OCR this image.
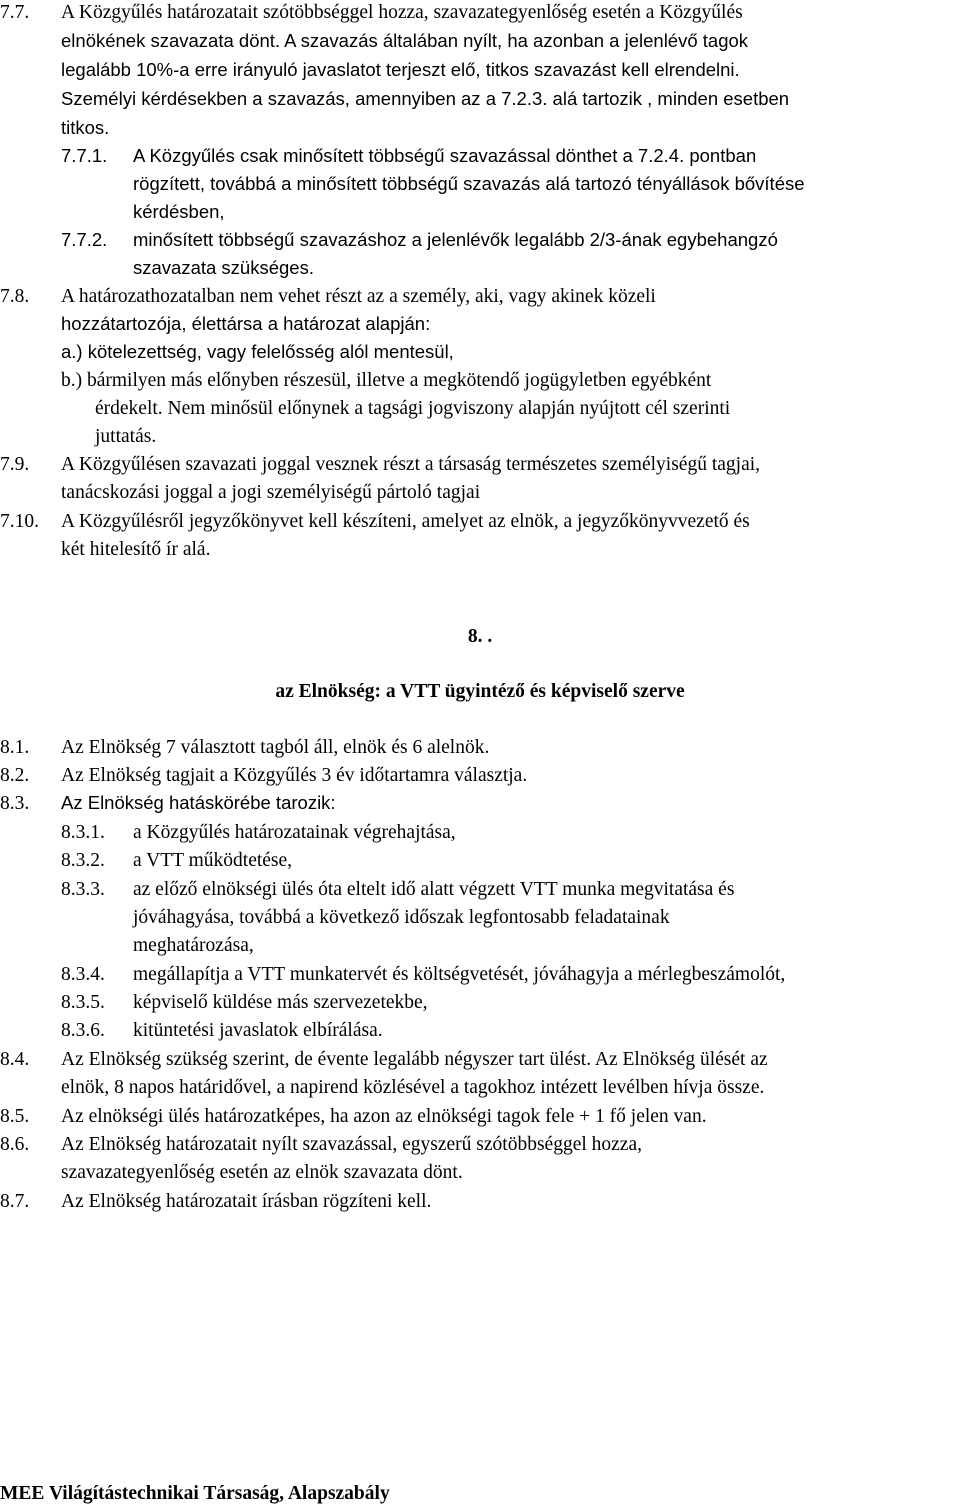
7.7. A Közgyűlés határozatait szótöbbséggel hozza, szavazategyenlőség esetén a Közgyűlés
elnökének szavazata dönt. A szavazás általában nyílt, ha azonban a jelenlévő tagok
legalább 10%-a erre irányuló javaslatot terjeszt elő, titkos szavazást kell elrendelni.
Személyi kérdésekben a szavazás, amennyiben az a 7.2.3. alá tartozik , minden esetben
titkos.
7.7.1. A Közgyűlés csak minősített többségű szavazással dönthet a 7.2.4. pontban
rögzített, továbbá a minősített többségű szavazás alá tartozó tényállások bővítése
kérdésben,
7.7.2. minősített többségű szavazáshoz a jelenlévők legalább 2/3-ának egybehangzó
szavazata szükséges.
7.8. A határozathozatalban nem vehet részt az a személy, aki, vagy akinek közeli
hozzátartozója, élettársa a határozat alapján:
a.) kötelezettség, vagy felelősség alól mentesül,
b.) bármilyen más előnyben részesül, illetve a megkötendő jogügyletben egyébként
érdekelt. Nem minősül előnynek a tagsági jogviszony alapján nyújtott cél szerinti
juttatás.
7.9. A Közgyűlésen szavazati joggal vesznek részt a társaság természetes személyiségű tagjai,
tanácskozási joggal a jogi személyiségű pártoló tagjai
7.10. A Közgyűlésről jegyzőkönyvet kell készíteni, amelyet az elnök, a jegyzőkönyvvezető és
két hitelesítő ír alá.
8. .
az Elnökség: a VTT ügyintéző és képviselő szerve
8.1. Az Elnökség 7 választott tagból áll, elnök és 6 alelnök.
8.2. Az Elnökség tagjait a Közgyűlés 3 év időtartamra választja.
8.3. Az Elnökség hatáskörébe tarozik:
8.3.1. a Közgyűlés határozatainak végrehajtása,
8.3.2. a VTT működtetése,
8.3.3. az előző elnökségi ülés óta eltelt idő alatt végzett VTT munka megvitatása és
jóváhagyása, továbbá a következő időszak legfontosabb feladatainak
meghatározása,
8.3.4. megállapítja a VTT munkatervét és költségvetését, jóváhagyja a mérlegbeszámolót,
8.3.5. képviselő küldése más szervezetekbe,
8.3.6. kitüntetési javaslatok elbírálása.
8.4. Az Elnökség szükség szerint, de évente legalább négyszer tart ülést. Az Elnökség ülését az
elnök, 8 napos határidővel, a napirend közlésével a tagokhoz intézett levélben hívja össze.
8.5. Az elnökségi ülés határozatképes, ha azon az elnökségi tagok fele + 1 fő jelen van.
8.6. Az Elnökség határozatait nyílt szavazással, egyszerű szótöbbséggel hozza,
szavazategyenlőség esetén az elnök szavazata dönt.
8.7. Az Elnökség határozatait írásban rögzíteni kell.
MEE Világítástechnikai Társaság, Alapszabály
